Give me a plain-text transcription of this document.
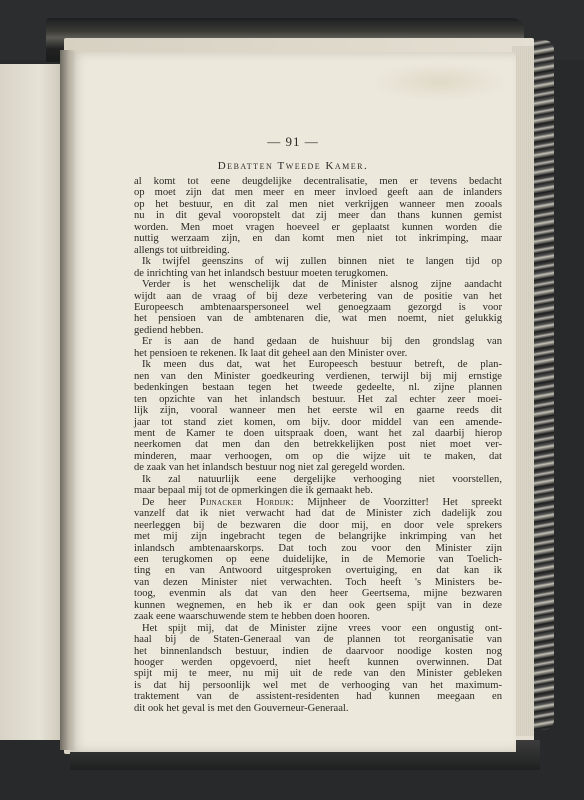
— 91 —
Debatten Tweede Kamer.
al komt tot eene deugdelijke decentralisatie, men er tevens bedacht
op moet zijn dat men meer en meer invloed geeft aan de inlanders
op het bestuur, en dit zal men niet verkrijgen wanneer men zooals
nu in dit geval vooropstelt dat zij meer dan thans kunnen gemist
worden. Men moet vragen hoeveel er geplaatst kunnen worden die
nuttig werzaam zijn, en dan komt men niet tot inkrimping, maar
allengs tot uitbreiding.
Ik twijfel geenszins of wij zullen binnen niet te langen tijd op
de inrichting van het inlandsch bestuur moeten terugkomen.
Verder is het wenschelijk dat de Minister alsnog zijne aandacht
wijdt aan de vraag of bij deze verbetering van de positie van het
Europeesch ambtenaarspersoneel wel genoegzaam gezorgd is voor
het pensioen van de ambtenaren die, wat men noemt, niet gelukkig
gediend hebben.
Er is aan de hand gedaan de huishuur bij den grondslag van
het pensioen te rekenen. Ik laat dit geheel aan den Minister over.
Ik meen dus dat, wat het Europeesch bestuur betreft, de plan-
nen van den Minister goedkeuring verdienen, terwijl bij mij ernstige
bedenkingen bestaan tegen het tweede gedeelte, nl. zijne plannen
ten opzichte van het inlandsch bestuur. Het zal echter zeer moei-
lijk zijn, vooral wanneer men het eerste wil en gaarne reeds dit
jaar tot stand ziet komen, om bijv. door middel van een amende-
ment de Kamer te doen uitspraak doen, want het zal daarbij hierop
neerkomen dat men dan den betrekkelijken post niet moet ver-
minderen, maar verhoogen, om op die wijze uit te maken, dat
de zaak van het inlandsch bestuur nog niet zal geregeld worden.
Ik zal natuurlijk eene dergelijke verhooging niet voorstellen,
maar bepaal mij tot de opmerkingen die ik gemaakt heb.
De heer Pijnacker Hordijk: Mijnheer de Voorzitter! Het spreekt
vanzelf dat ik niet verwacht had dat de Minister zich dadelijk zou
neerleggen bij de bezwaren die door mij, en door vele sprekers
met mij zijn ingebracht tegen de belangrijke inkrimping van het
inlandsch ambtenaarskorps. Dat toch zou voor den Minister zijn
een terugkomen op eene duidelijke, in de Memorie van Toelich-
ting en van Antwoord uitgesproken overtuiging, en dat kan ik
van dezen Minister niet verwachten. Toch heeft 's Ministers be-
toog, evenmin als dat van den heer Geertsema, mijne bezwaren
kunnen wegnemen, en heb ik er dan ook geen spijt van in deze
zaak eene waarschuwende stem te hebben doen hooren.
Het spijt mij, dat de Minister zijne vrees voor een ongustig ont-
haal bij de Staten-Generaal van de plannen tot reorganisatie van
het binnenlandsch bestuur, indien de daarvoor noodige kosten nog
hooger werden opgevoerd, niet heeft kunnen overwinnen. Dat
spijt mij te meer, nu mij uit de rede van den Minister gebleken
is dat hij persoonlijk wel met de verhooging van het maximum-
traktement van de assistent-residenten had kunnen meegaan en
dit ook het geval is met den Gouverneur-Generaal.
